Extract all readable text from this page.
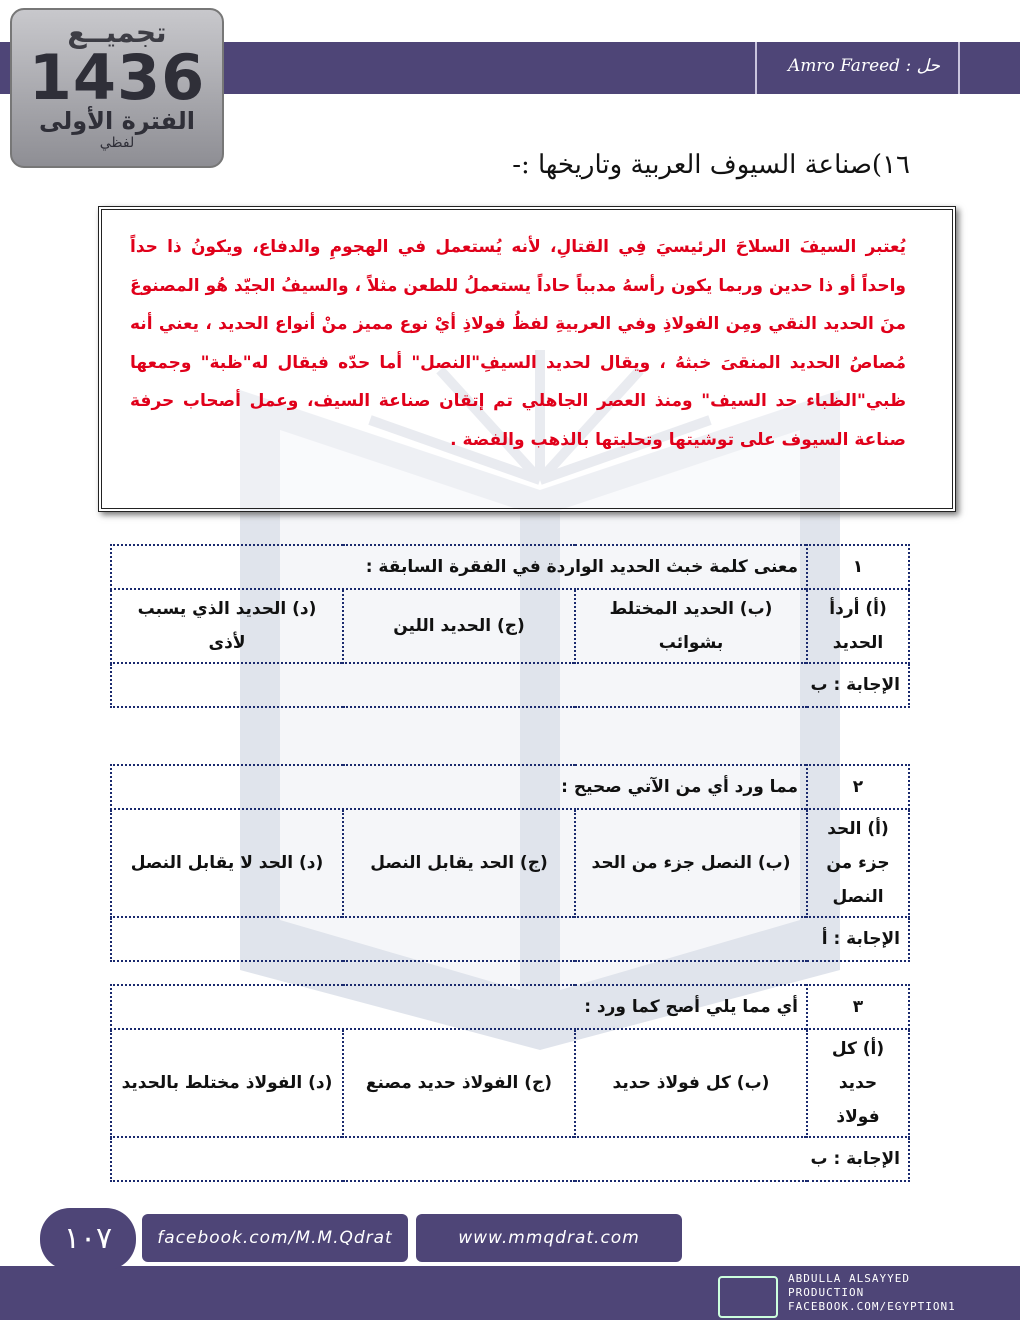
حل : Amro Fareed
تجميــع
1436
الفترة الأولى
لفظي
١٦)صناعة السيوف العربية وتاريخها :-

يُعتبر السيفَ السلاحَ الرئيسيَ فِي القتالِ، لأنه يُستعمل في الهجومِ والدفاع، ويكونُ ذا حداً واحداً أو ذا حدين وربما يكون رأسهُ مدبباً حاداً يستعملُ للطعن مثلاً ، والسيفُ الجيّد هُو المصنوعَ منَ الحديد النقي ومِن الفولاذِ وفي العربيةِ لفظُ فولاذِ أيْ نوع مميز منْ أنواع الحديد ، يعني أنه مُصاصُ الحديد المنقىَ خبثهُ ، ويقال لحديد السيفِ"النصل" أما حدّه فيقال له"ظبة" وجمعها ظبي"الظباء حد السيف" ومنذ العصر الجاهلي تم إتقان صناعة السيف، وعمل أصحاب حرفة صناعة السيوف على توشيتها وتحليتها بالذهب والفضة .

١	معنى كلمة خبث الحديد الواردة في الفقرة السابقة :		
(أ) أردأ الحديد	(ب) الحديد المختلط بشوائب	(ج) الحديد اللين	(د) الحديد الذي يسبب لأذى
الإجابة : ب			
٢	مما ورد أي من الآتي صحيح :		
(أ) الحد جزء من النصل	(ب) النصل جزء من الحد	(ج) الحد يقابل النصل	(د) الحد لا يقابل النصل
الإجابة : أ			
٣	أي مما يلي أصح كما ورد :		
(أ) كل حديد فولاذ	(ب) كل فولاذ حديد	(ج) الفولاذ حديد مصنع	(د) الفولاذ مختلط بالحديد
الإجابة : ب			
١٠٧	facebook.com/M.M.Qdrat	www.mmqdrat.com
ABDULLA ALSAYYED
PRODUCTION
FACEBOOK.COM/EGYPTION1
